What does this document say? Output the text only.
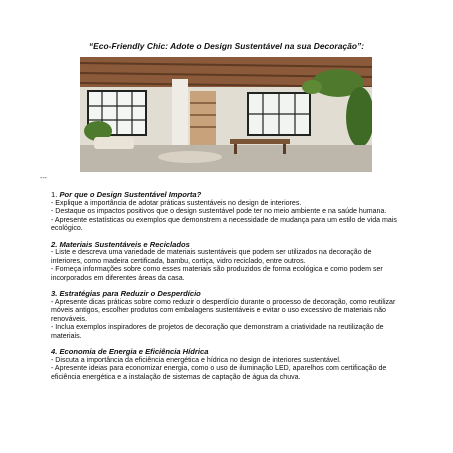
“Eco-Friendly Chic: Adote o Design Sustentável na sua Decoração”:
---
1. Por que o Design Sustentável Importa?
- Explique a importância de adotar práticas sustentáveis no design de interiores.
- Destaque os impactos positivos que o design sustentável pode ter no meio ambiente e na saúde humana.
- Apresente estatísticas ou exemplos que demonstrem a necessidade de mudança para um estilo de vida mais ecológico.
2. Materiais Sustentáveis e Reciclados
- Liste e descreva uma variedade de materiais sustentáveis que podem ser utilizados na decoração de interiores, como madeira certificada, bambu, cortiça, vidro reciclado, entre outros.
- Forneça informações sobre como esses materiais são produzidos de forma ecológica e como podem ser incorporados em diferentes áreas da casa.
3. Estratégias para Reduzir o Desperdício
- Apresente dicas práticas sobre como reduzir o desperdício durante o processo de decoração, como reutilizar móveis antigos, escolher produtos com embalagens sustentáveis e evitar o uso excessivo de materiais não renováveis.
- Inclua exemplos inspiradores de projetos de decoração que demonstram a criatividade na reutilização de materiais.
4. Economia de Energia e Eficiência Hídrica
- Discuta a importância da eficiência energética e hídrica no design de interiores sustentável.
- Apresente ideias para economizar energia, como o uso de iluminação LED, aparelhos com certificação de eficiência energética e a instalação de sistemas de captação de água da chuva.
